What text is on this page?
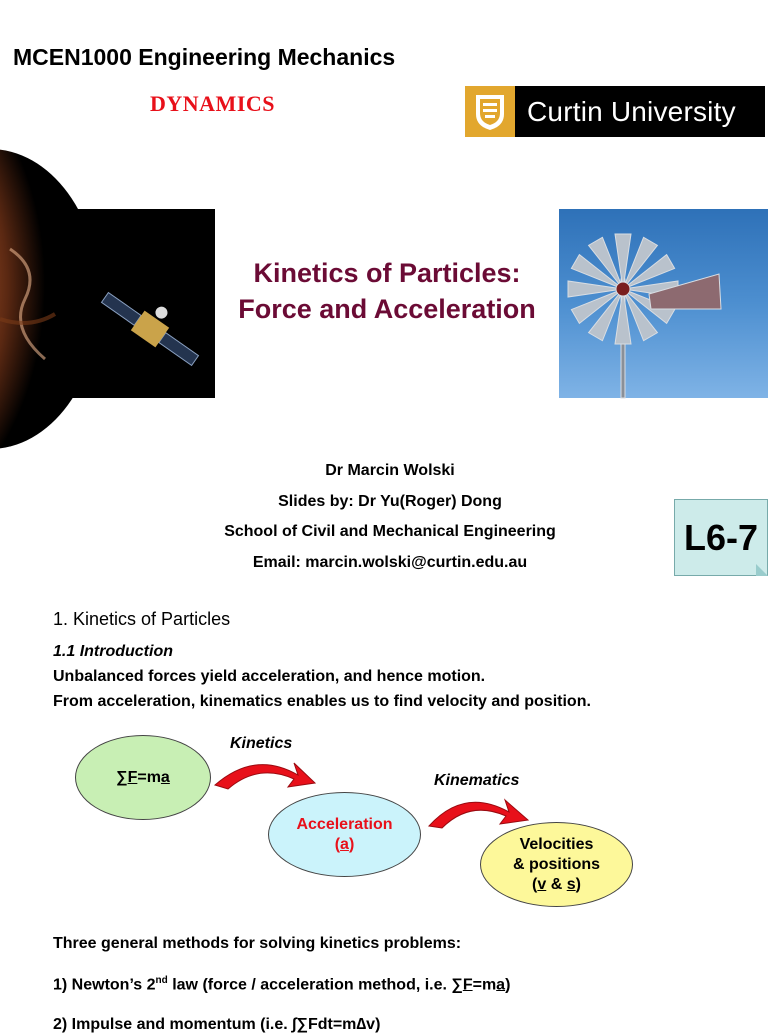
MCEN1000 Engineering Mechanics
DYNAMICS	Curtin University
Kinetics of Particles:
Force and Acceleration
Dr Marcin Wolski
Slides by: Dr Yu(Roger) Dong
School of Civil and Mechanical Engineering
Email: marcin.wolski@curtin.edu.au
L6-7
1. Kinetics of Particles
1.1 Introduction
Unbalanced forces yield acceleration, and hence motion.
From acceleration, kinematics enables us to find velocity and position.
Kinetics
Kinematics
∑F=ma
Acceleration
(a)	Velocities
& positions
(v & s)
Three general methods for solving kinetics problems:
1) Newton’s 2nd law (force / acceleration method, i.e. ∑F=ma)
2) Impulse and momentum (i.e. ∫∑Fdt=m∆v)
